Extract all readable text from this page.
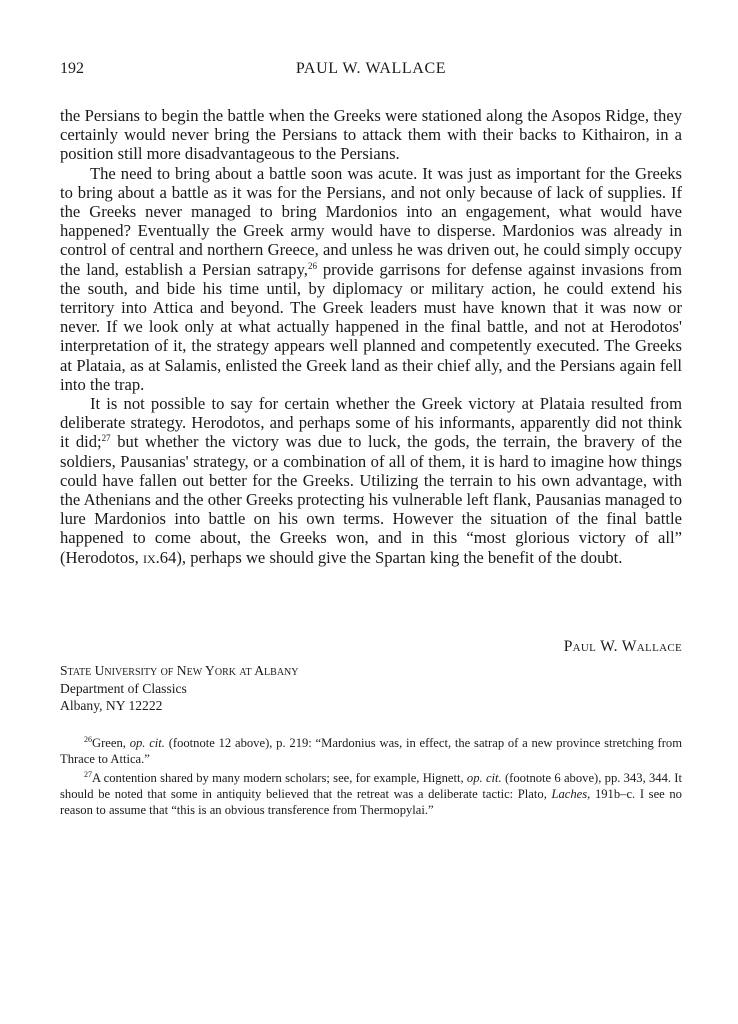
192	PAUL W. WALLACE

the Persians to begin the battle when the Greeks were stationed along the Asopos Ridge, they certainly would never bring the Persians to attack them with their backs to Kithairon, in a position still more disadvantageous to the Persians.

The need to bring about a battle soon was acute. It was just as important for the Greeks to bring about a battle as it was for the Persians, and not only because of lack of supplies. If the Greeks never managed to bring Mardonios into an engagement, what would have happened? Eventually the Greek army would have to disperse. Mardonios was already in control of central and northern Greece, and unless he was driven out, he could simply occupy the land, establish a Persian satrapy,$^{26}$ provide garrisons for defense against invasions from the south, and bide his time until, by diplomacy or military action, he could extend his territory into Attica and beyond. The Greek leaders must have known that it was now or never. If we look only at what actually happened in the final battle, and not at Herodotos' interpretation of it, the strategy appears well planned and competently executed. The Greeks at Plataia, as at Salamis, enlisted the Greek land as their chief ally, and the Persians again fell into the trap.

It is not possible to say for certain whether the Greek victory at Plataia resulted from deliberate strategy. Herodotos, and perhaps some of his informants, apparently did not think it did;$^{27}$ but whether the victory was due to luck, the gods, the terrain, the bravery of the soldiers, Pausanias' strategy, or a combination of all of them, it is hard to imagine how things could have fallen out better for the Greeks. Utilizing the terrain to his own advantage, with the Athenians and the other Greeks protecting his vulnerable left flank, Pausanias managed to lure Mardonios into battle on his own terms. However the situation of the final battle happened to come about, the Greeks won, and in this “most glorious victory of all” (Herodotos, ix.64), perhaps we should give the Spartan king the benefit of the doubt.

Paul W. Wallace
State University of New York at Albany
Department of Classics
Albany, NY 12222

$^{26}$Green, op. cit. (footnote 12 above), p. 219: “Mardonius was, in effect, the satrap of a new province stretching from Thrace to Attica.”

$^{27}$A contention shared by many modern scholars; see, for example, Hignett, op. cit. (footnote 6 above), pp. 343, 344. It should be noted that some in antiquity believed that the retreat was a deliberate tactic: Plato, Laches, 191b–c. I see no reason to assume that “this is an obvious transference from Thermopylai.”
